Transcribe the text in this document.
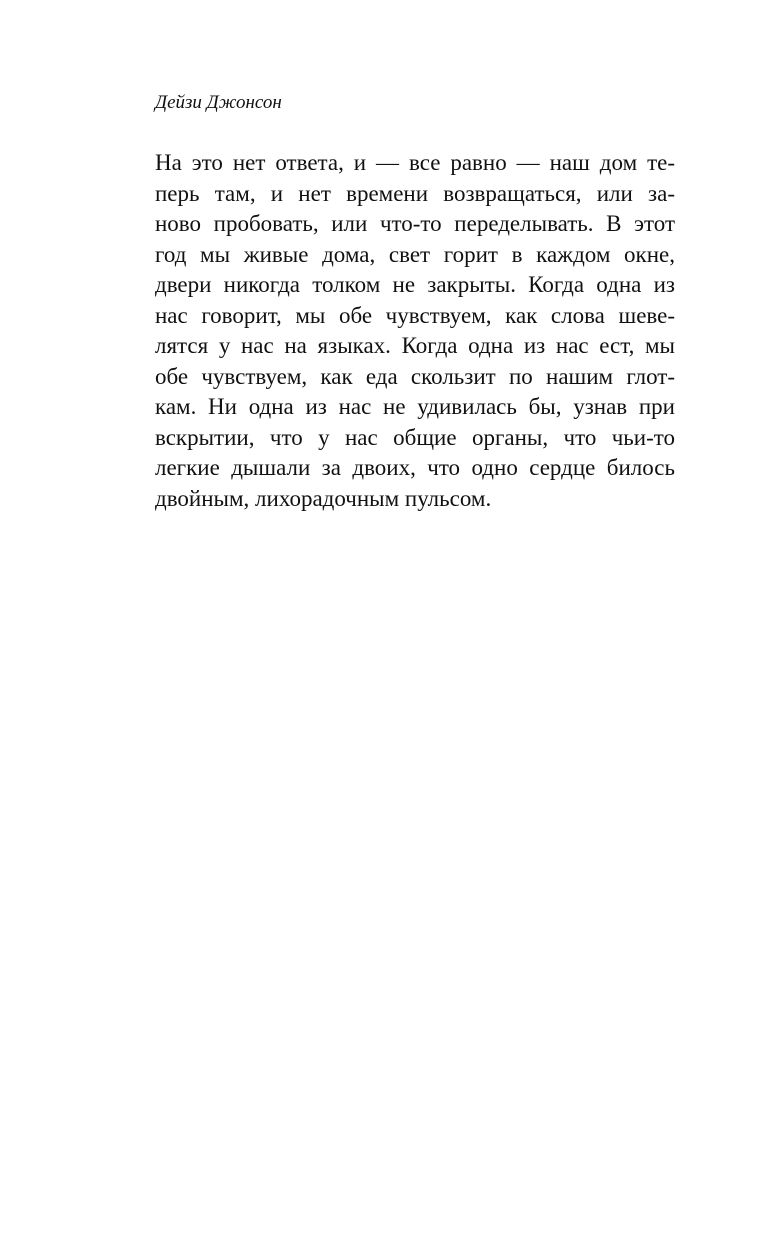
Дейзи Джонсон
На это нет ответа, и — все равно — наш дом те-
перь там, и нет времени возвращаться, или за-
ново пробовать, или что-то переделывать. В этот
год мы живые дома, свет горит в каждом окне,
двери никогда толком не закрыты. Когда одна из
нас говорит, мы обе чувствуем, как слова шеве-
лятся у нас на языках. Когда одна из нас ест, мы
обе чувствуем, как еда скользит по нашим глот-
кам. Ни одна из нас не удивилась бы, узнав при
вскрытии, что у нас общие органы, что чьи-то
легкие дышали за двоих, что одно сердце билось
двойным, лихорадочным пульсом.
